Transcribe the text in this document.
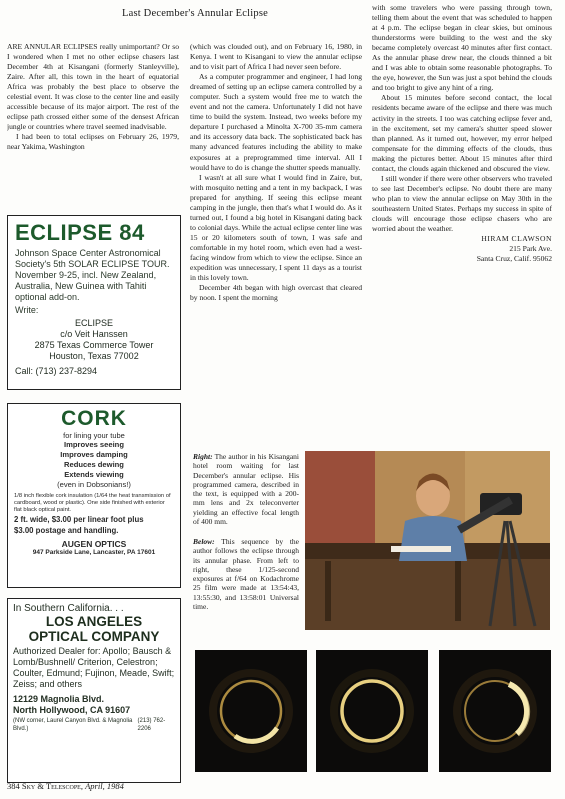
Last December's Annular Eclipse

ARE ANNULAR ECLIPSES really unimportant? Or so I wondered when I met no other eclipse chasers last December 4th at Kisangani (formerly Stanleyville), Zaire. After all, this town in the heart of equatorial Africa was probably the best place to observe the celestial event. It was close to the center line and easily accessible because of its major airport. The rest of the eclipse path crossed either some of the densest African jungle or countries where travel seemed inadvisable.

I had been to total eclipses on February 26, 1979, near Yakima, Washington

(which was clouded out), and on February 16, 1980, in Kenya. I went to Kisangani to view the annular eclipse and to visit part of Africa I had never seen before.

As a computer programmer and engineer, I had long dreamed of setting up an eclipse camera controlled by a computer. Such a system would free me to watch the event and not the camera. Unfortunately I did not have time to build the system. Instead, two weeks before my departure I purchased a Minolta X-700 35-mm camera and its accessory data back. The sophisticated back has many advanced features including the ability to make exposures at a preprogrammed time interval. All I would have to do is change the shutter speeds manually.

I wasn't at all sure what I would find in Zaire, but, with mosquito netting and a tent in my backpack, I was prepared for anything. If seeing this eclipse meant camping in the jungle, then that's what I would do. As it turned out, I found a big hotel in Kisangani dating back to colonial days. While the actual eclipse center line was 15 or 20 kilometers south of town, I was safe and comfortable in my hotel room, which even had a west-facing window from which to view the eclipse. Since an expedition was unnecessary, I spent 11 days as a tourist in this lovely town.

December 4th began with high overcast that cleared by noon. I spent the morning

with some travelers who were passing through town, telling them about the event that was scheduled to happen at 4 p.m. The eclipse began in clear skies, but ominous thunderstorms were building to the west and the sky became completely overcast 40 minutes after first contact. As the annular phase drew near, the clouds thinned a bit and I was able to obtain some reasonable photographs. To the eye, however, the Sun was just a spot behind the clouds and too bright to give any hint of a ring.

About 15 minutes before second contact, the local residents became aware of the eclipse and there was much activity in the streets. I too was catching eclipse fever and, in the excitement, set my camera's shutter speed slower than planned. As it turned out, however, my error helped compensate for the dimming effects of the clouds, thus making the pictures better. About 15 minutes after third contact, the clouds again thickened and obscured the view.

I still wonder if there were other observers who traveled to see last December's eclipse. No doubt there are many who plan to view the annular eclipse on May 30th in the southeastern United States. Perhaps my success in spite of clouds will encourage those eclipse chasers who are worried about the weather.

HIRAM CLAWSON
215 Park Ave.
Santa Cruz, Calif. 95062
ECLIPSE 84
Johnson Space Center Astronomical Society's 5th SOLAR ECLIPSE TOUR. November 9-25, incl. New Zealand, Australia, New Guinea with Tahiti optional add-on.
Write:
ECLIPSE
c/o Veit Hanssen
2875 Texas Commerce Tower
Houston, Texas 77002
Call: (713) 237-8294
CORK
for lining your tube
Improves seeing
Improves damping
Reduces dewing
Extends viewing
(even in Dobsonians!)
1/8 inch flexible cork insulation (1/64 the heat transmission of cardboard, wood or plastic). One side finished with exterior flat black optical paint.
2 ft. wide, $3.00 per linear foot plus
$3.00 postage and handling.
AUGEN OPTICS
947 Parkside Lane, Lancaster, PA 17601
In Southern California. . .
LOS ANGELES
OPTICAL COMPANY
Authorized Dealer for: Apollo; Bausch & Lomb/Bushnell/ Criterion, Celestron; Coulter, Edmund; Fujinon, Meade, Swift; Zeiss; and others
12129 Magnolia Blvd.
North Hollywood, CA 91607
(NW corner, Laurel Canyon Blvd. & Magnolia Blvd.)
(213) 762-2206
Right: The author in his Kisangani hotel room waiting for last December's annular eclipse. His programmed camera, described in the text, is equipped with a 200-mm lens and 2x teleconverter yielding an effective focal length of 400 mm.
Below: This sequence by the author follows the eclipse through its annular phase. From left to right, these 1/125-second exposures at f/64 on Kodachrome 25 film were made at 13:54:43, 13:55:30, and 13:58:01 Universal time.
384 Sky & Telescope, April, 1984
